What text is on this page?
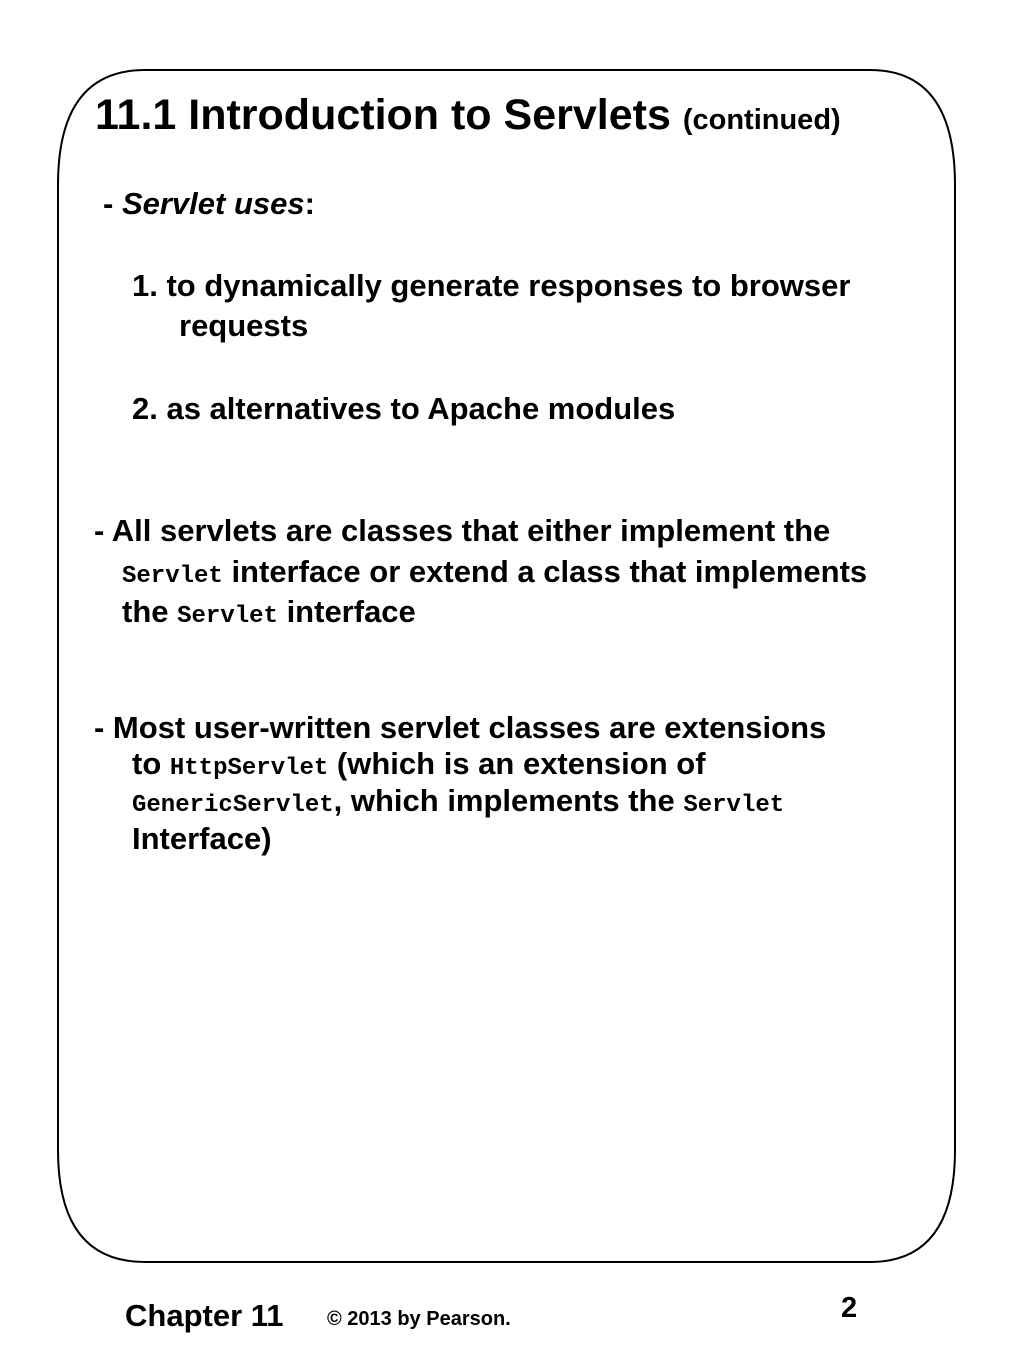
11.1 Introduction to Servlets (continued)
- Servlet uses:
1. to dynamically generate responses to browser
requests
2. as alternatives to Apache modules
- All servlets are classes that either implement the
Servlet interface or extend a class that implements
the Servlet interface
- Most user-written servlet classes are extensions
to HttpServlet (which is an extension of
GenericServlet, which implements the Servlet
Interface)
Chapter 11 © 2013 by Pearson.	2
